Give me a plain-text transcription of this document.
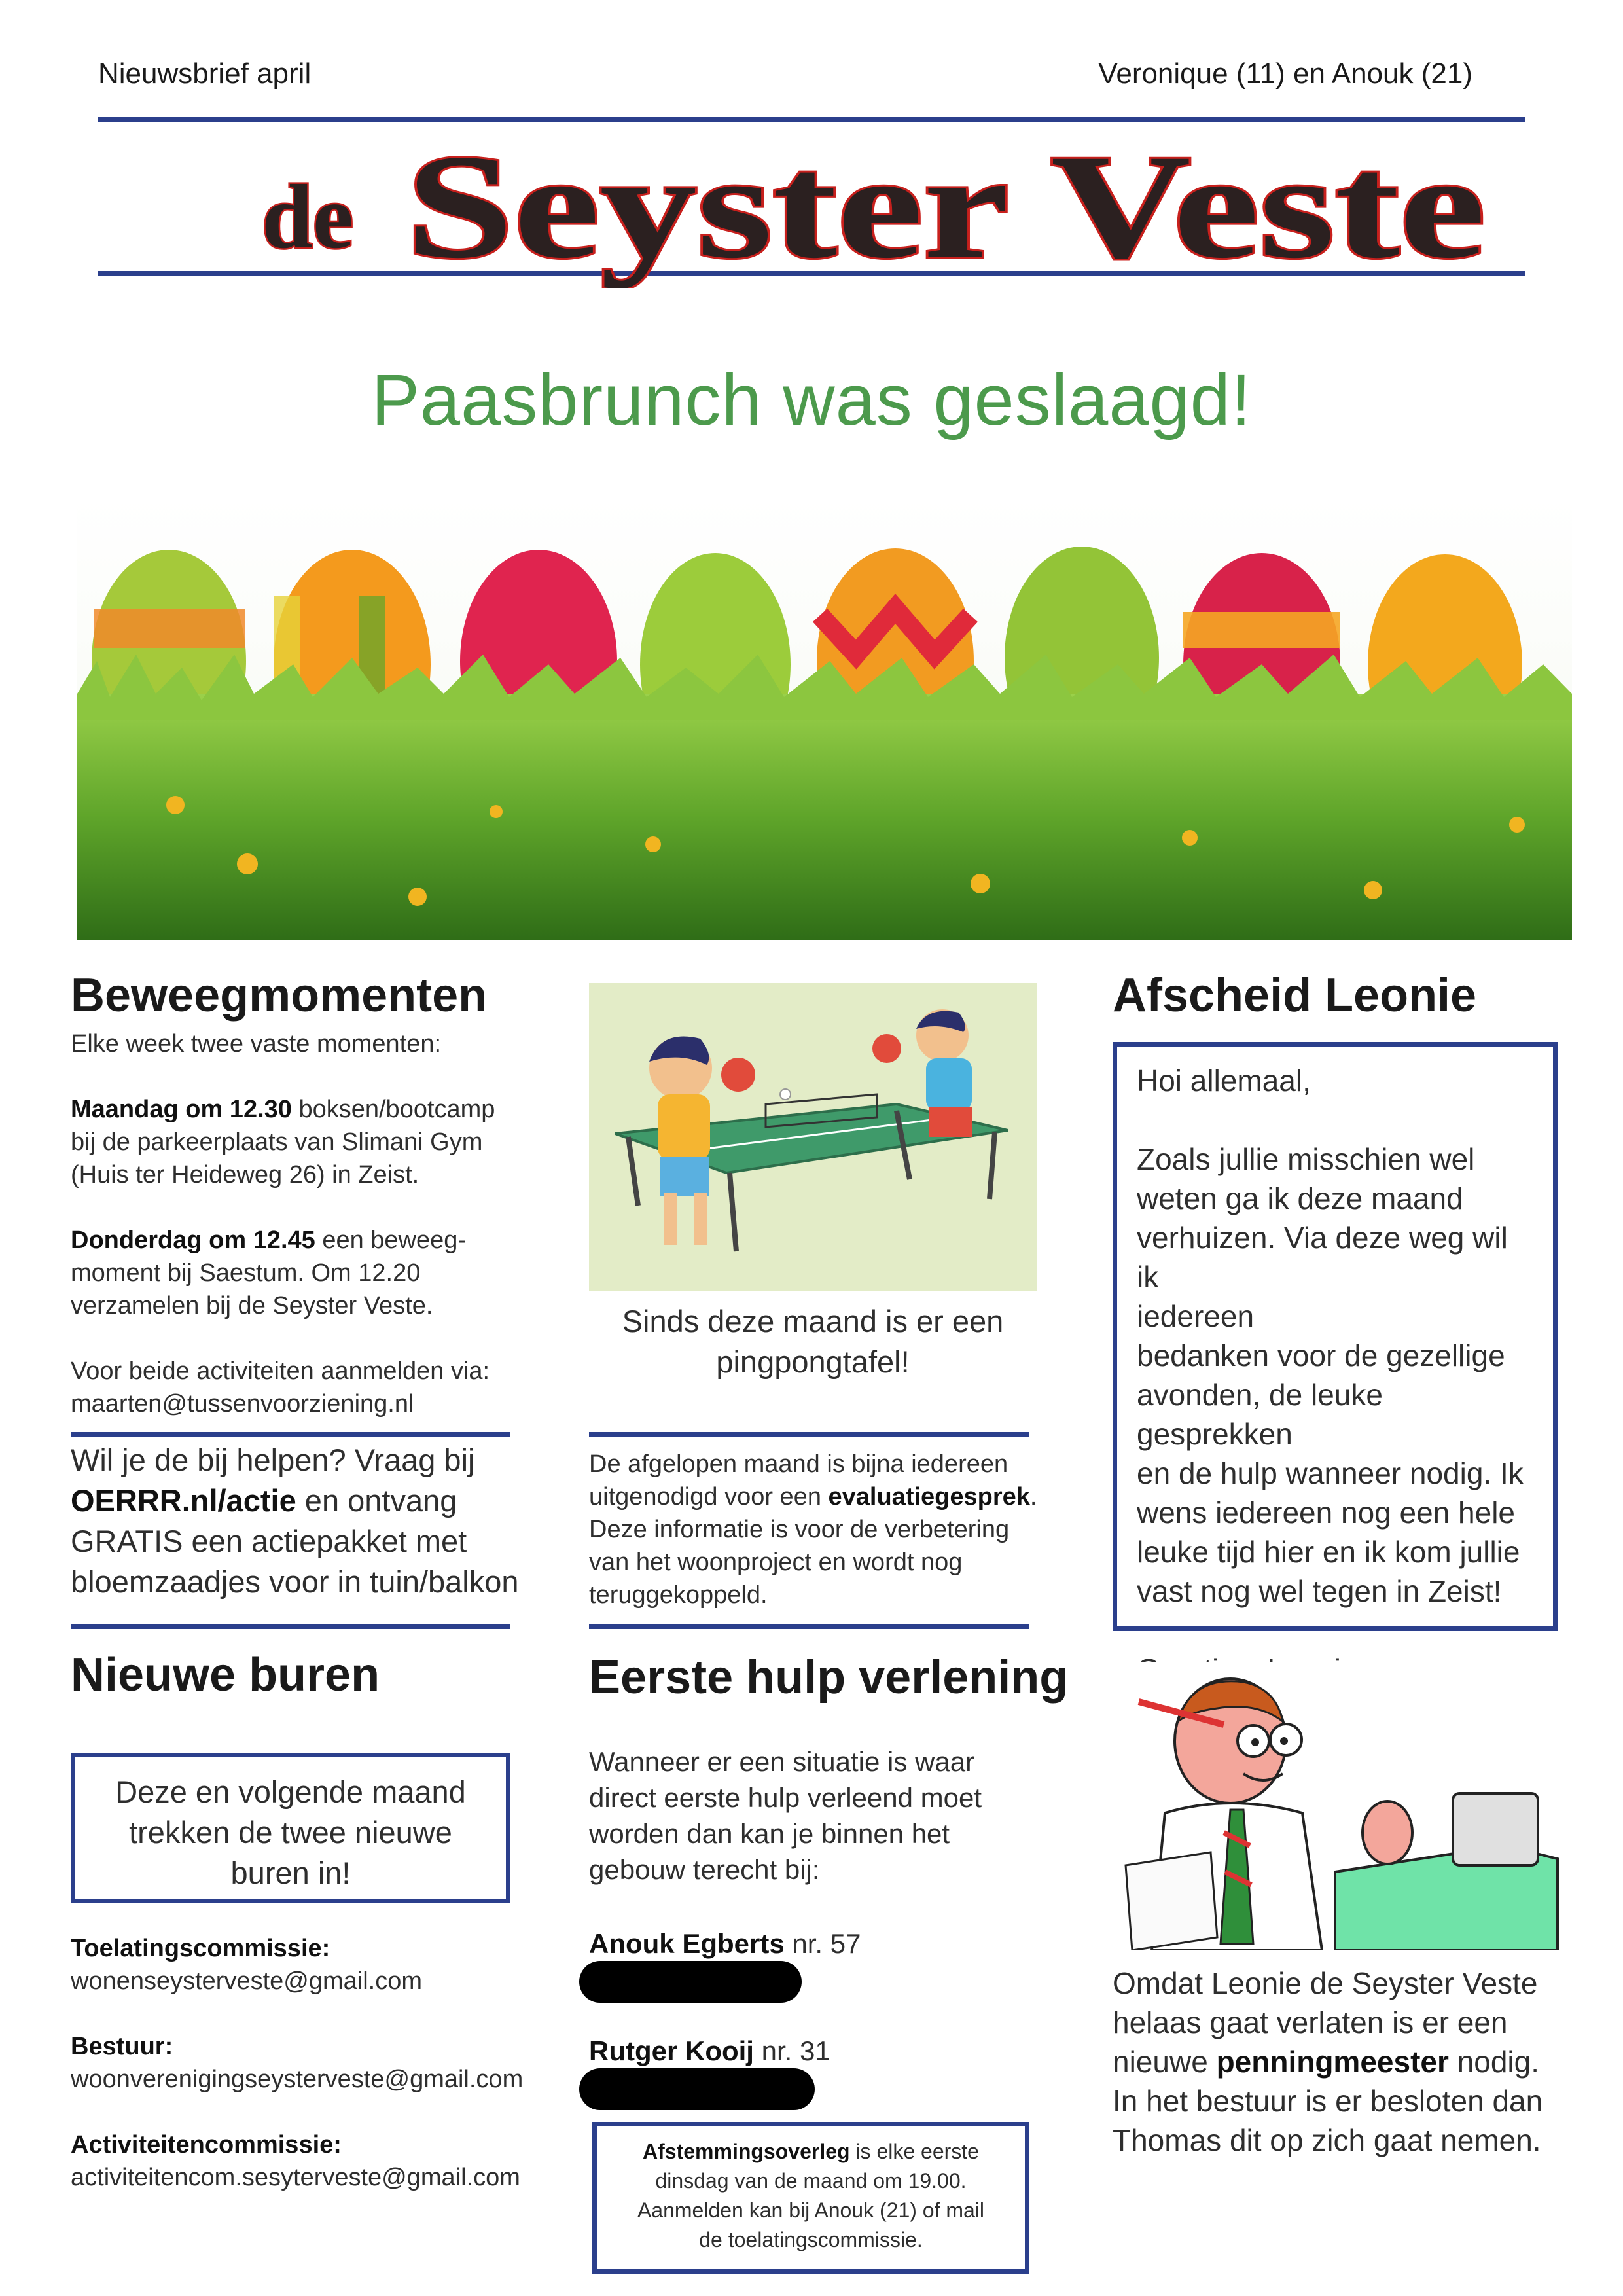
Nieuwsbrief april	Veronique (11) en Anouk (21)
de Seyster Veste
Paasbrunch was geslaagd!
Beweegmomenten
Elke week twee vaste momenten:
Maandag om 12.30 boksen/bootcamp
bij de parkeerplaats van Slimani Gym
(Huis ter Heideweg 26) in Zeist.
Donderdag om 12.45 een beweeg-
moment bij Saestum. Om 12.20
verzamelen bij de Seyster Veste.
Voor beide activiteiten aanmelden via:
maarten@tussenvoorziening.nl
Wil je de bij helpen? Vraag bij
OERRR.nl/actie en ontvang
GRATIS een actiepakket met
bloemzaadjes voor in tuin/balkon
Nieuwe buren
Deze en volgende maand
trekken de twee nieuwe
buren in!
Toelatingscommissie:
wonenseysterveste@gmail.com
Bestuur:
woonverenigingseysterveste@gmail.com
Activiteitencommissie:
activiteitencom.sesyterveste@gmail.com
Sinds deze maand is er een
pingpongtafel!
De afgelopen maand is bijna iedereen
uitgenodigd voor een evaluatiegesprek.
Deze informatie is voor de verbetering
van het woonproject en wordt nog
teruggekoppeld.
Eerste hulp verlening
Wanneer er een situatie is waar
direct eerste hulp verleend moet
worden dan kan je binnen het
gebouw terecht bij:
Anouk Egberts nr. 57
Rutger Kooij nr. 31
Afstemmingsoverleg is elke eerste
dinsdag van de maand om 19.00.
Aanmelden kan bij Anouk (21) of mail
de toelatingscommissie.
Afscheid Leonie
Hoi allemaal,
Zoals jullie misschien wel
weten ga ik deze maand
verhuizen. Via deze weg wil ik
iedereen
bedanken voor de gezellige
avonden, de leuke gesprekken
en de hulp wanneer nodig. Ik
wens iedereen nog een hele
leuke tijd hier en ik kom jullie
vast nog wel tegen in Zeist!
Omdat Leonie de Seyster Veste
helaas gaat verlaten is er een
nieuwe penningmeester nodig.
In het bestuur is er besloten dan
Thomas dit op zich gaat nemen.
